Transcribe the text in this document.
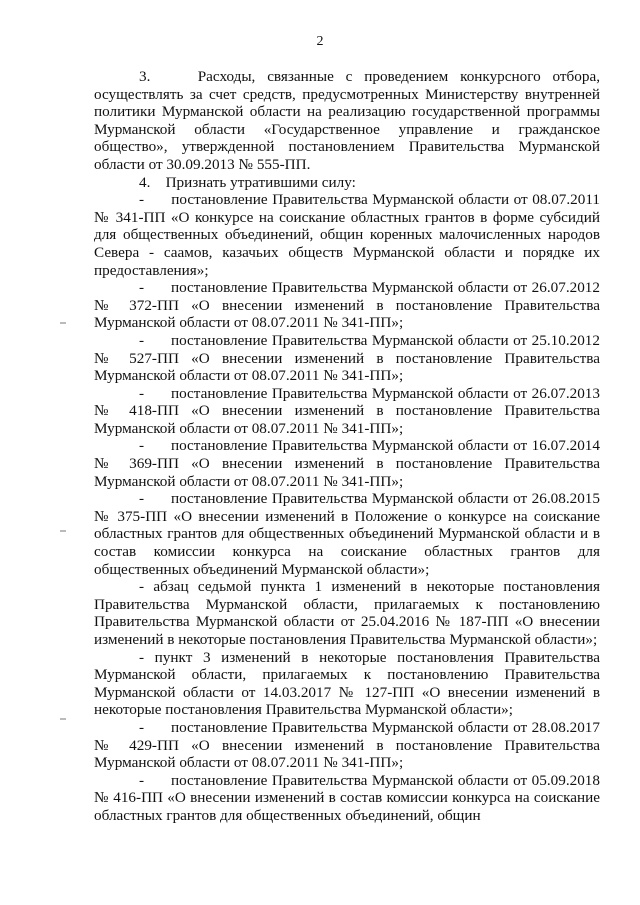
2

3.    Расходы, связанные с проведением конкурсного отбора, осуществлять за счет средств, предусмотренных Министерству внутренней политики Мурманской области на реализацию государственной программы Мурманской области «Государственное управление и гражданское общество», утвержденной постановлением Правительства Мурманской области от 30.09.2013 № 555-ПП.

4.    Признать утратившими силу:

-      постановление Правительства Мурманской области от 08.07.2011 № 341-ПП «О конкурсе на соискание областных грантов в форме субсидий для общественных объединений, общин коренных малочисленных народов Севера - саамов, казачьих обществ Мурманской области и порядке их предоставления»;

-      постановление Правительства Мурманской области от 26.07.2012 № 372-ПП «О внесении изменений в постановление Правительства Мурманской области от 08.07.2011 № 341-ПП»;

-      постановление Правительства Мурманской области от 25.10.2012 № 527-ПП «О внесении изменений в постановление Правительства Мурманской области от 08.07.2011 № 341-ПП»;

-      постановление Правительства Мурманской области от 26.07.2013 № 418-ПП «О внесении изменений в постановление Правительства Мурманской области от 08.07.2011 № 341-ПП»;

-      постановление Правительства Мурманской области от 16.07.2014 № 369-ПП «О внесении изменений в постановление Правительства Мурманской области от 08.07.2011 № 341-ПП»;

-      постановление Правительства Мурманской области от 26.08.2015 № 375-ПП «О внесении изменений в Положение о конкурсе на соискание областных грантов для общественных объединений Мурманской области и в состав комиссии конкурса на соискание областных грантов для общественных объединений Мурманской области»;

- абзац седьмой пункта 1 изменений в некоторые постановления Правительства Мурманской области, прилагаемых к постановлению Правительства Мурманской области от 25.04.2016 № 187-ПП «О внесении изменений в некоторые постановления Правительства Мурманской области»;

- пункт 3 изменений в некоторые постановления Правительства Мурманской области, прилагаемых к постановлению Правительства Мурманской области от 14.03.2017 № 127-ПП «О внесении изменений в некоторые постановления Правительства Мурманской области»;

-      постановление Правительства Мурманской области от 28.08.2017 № 429-ПП «О внесении изменений в постановление Правительства Мурманской области от 08.07.2011 № 341-ПП»;

-      постановление Правительства Мурманской области от 05.09.2018 № 416-ПП «О внесении изменений в состав комиссии конкурса на соискание областных грантов для общественных объединений, общин
